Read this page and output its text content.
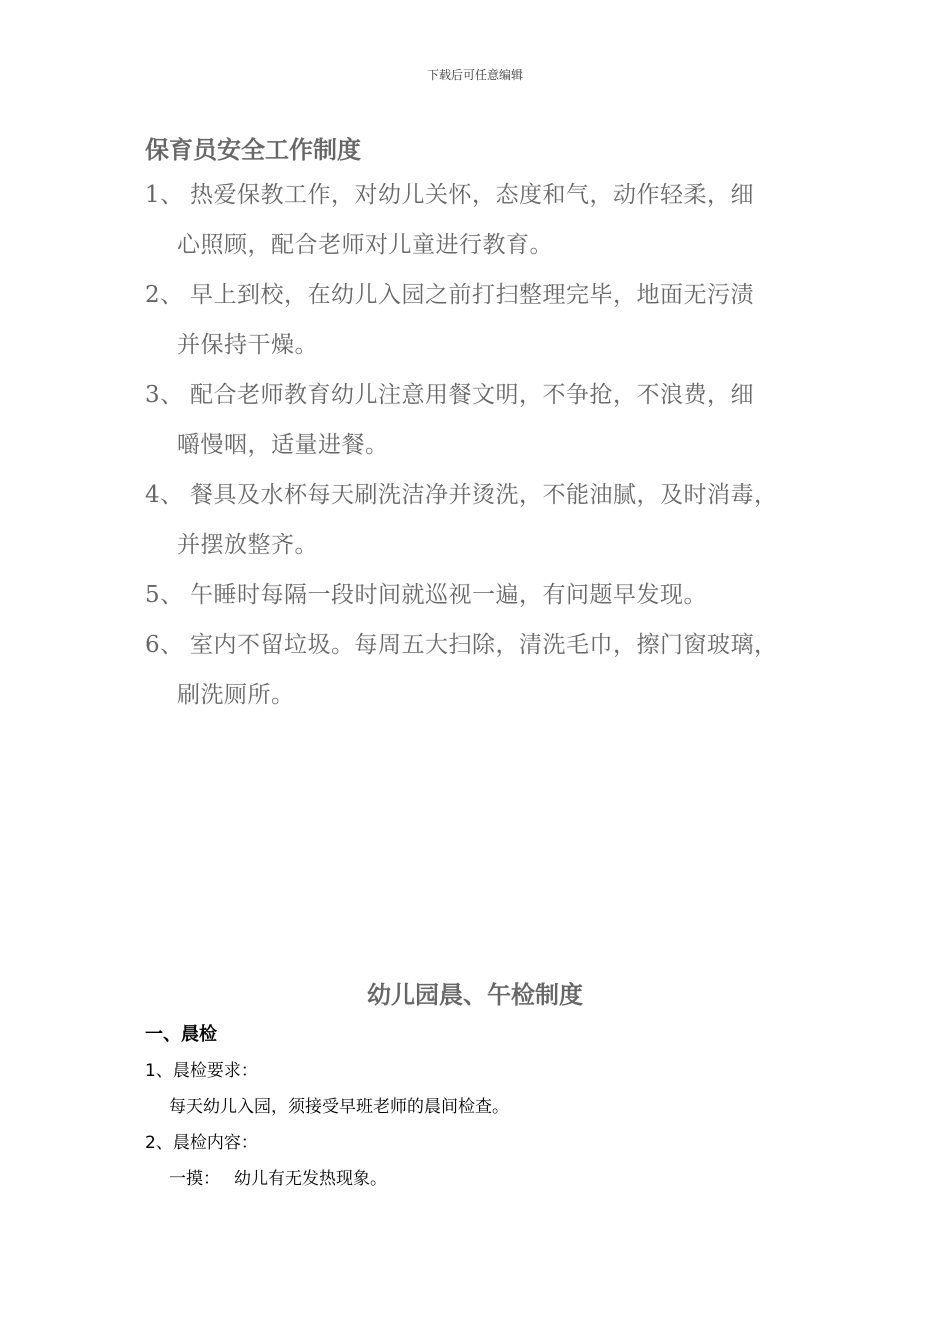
下载后可任意编辑
保育员安全工作制度
1、 热爱保教工作，对幼儿关怀，态度和气，动作轻柔，细
心照顾，配合老师对儿童进行教育。
2、 早上到校，在幼儿入园之前打扫整理完毕，地面无污渍
并保持干燥。
3、 配合老师教育幼儿注意用餐文明，不争抢，不浪费，细
嚼慢咽，适量进餐。
4、 餐具及水杯每天刷洗洁净并烫洗，不能油腻，及时消毒，
并摆放整齐。
5、 午睡时每隔一段时间就巡视一遍，有问题早发现。
6、 室内不留垃圾。每周五大扫除，清洗毛巾，擦门窗玻璃，
刷洗厕所。
幼儿园晨、午检制度
一、晨检
1、晨检要求：
每天幼儿入园，须接受早班老师的晨间检查。
2、晨检内容：
一摸： 幼儿有无发热现象。
